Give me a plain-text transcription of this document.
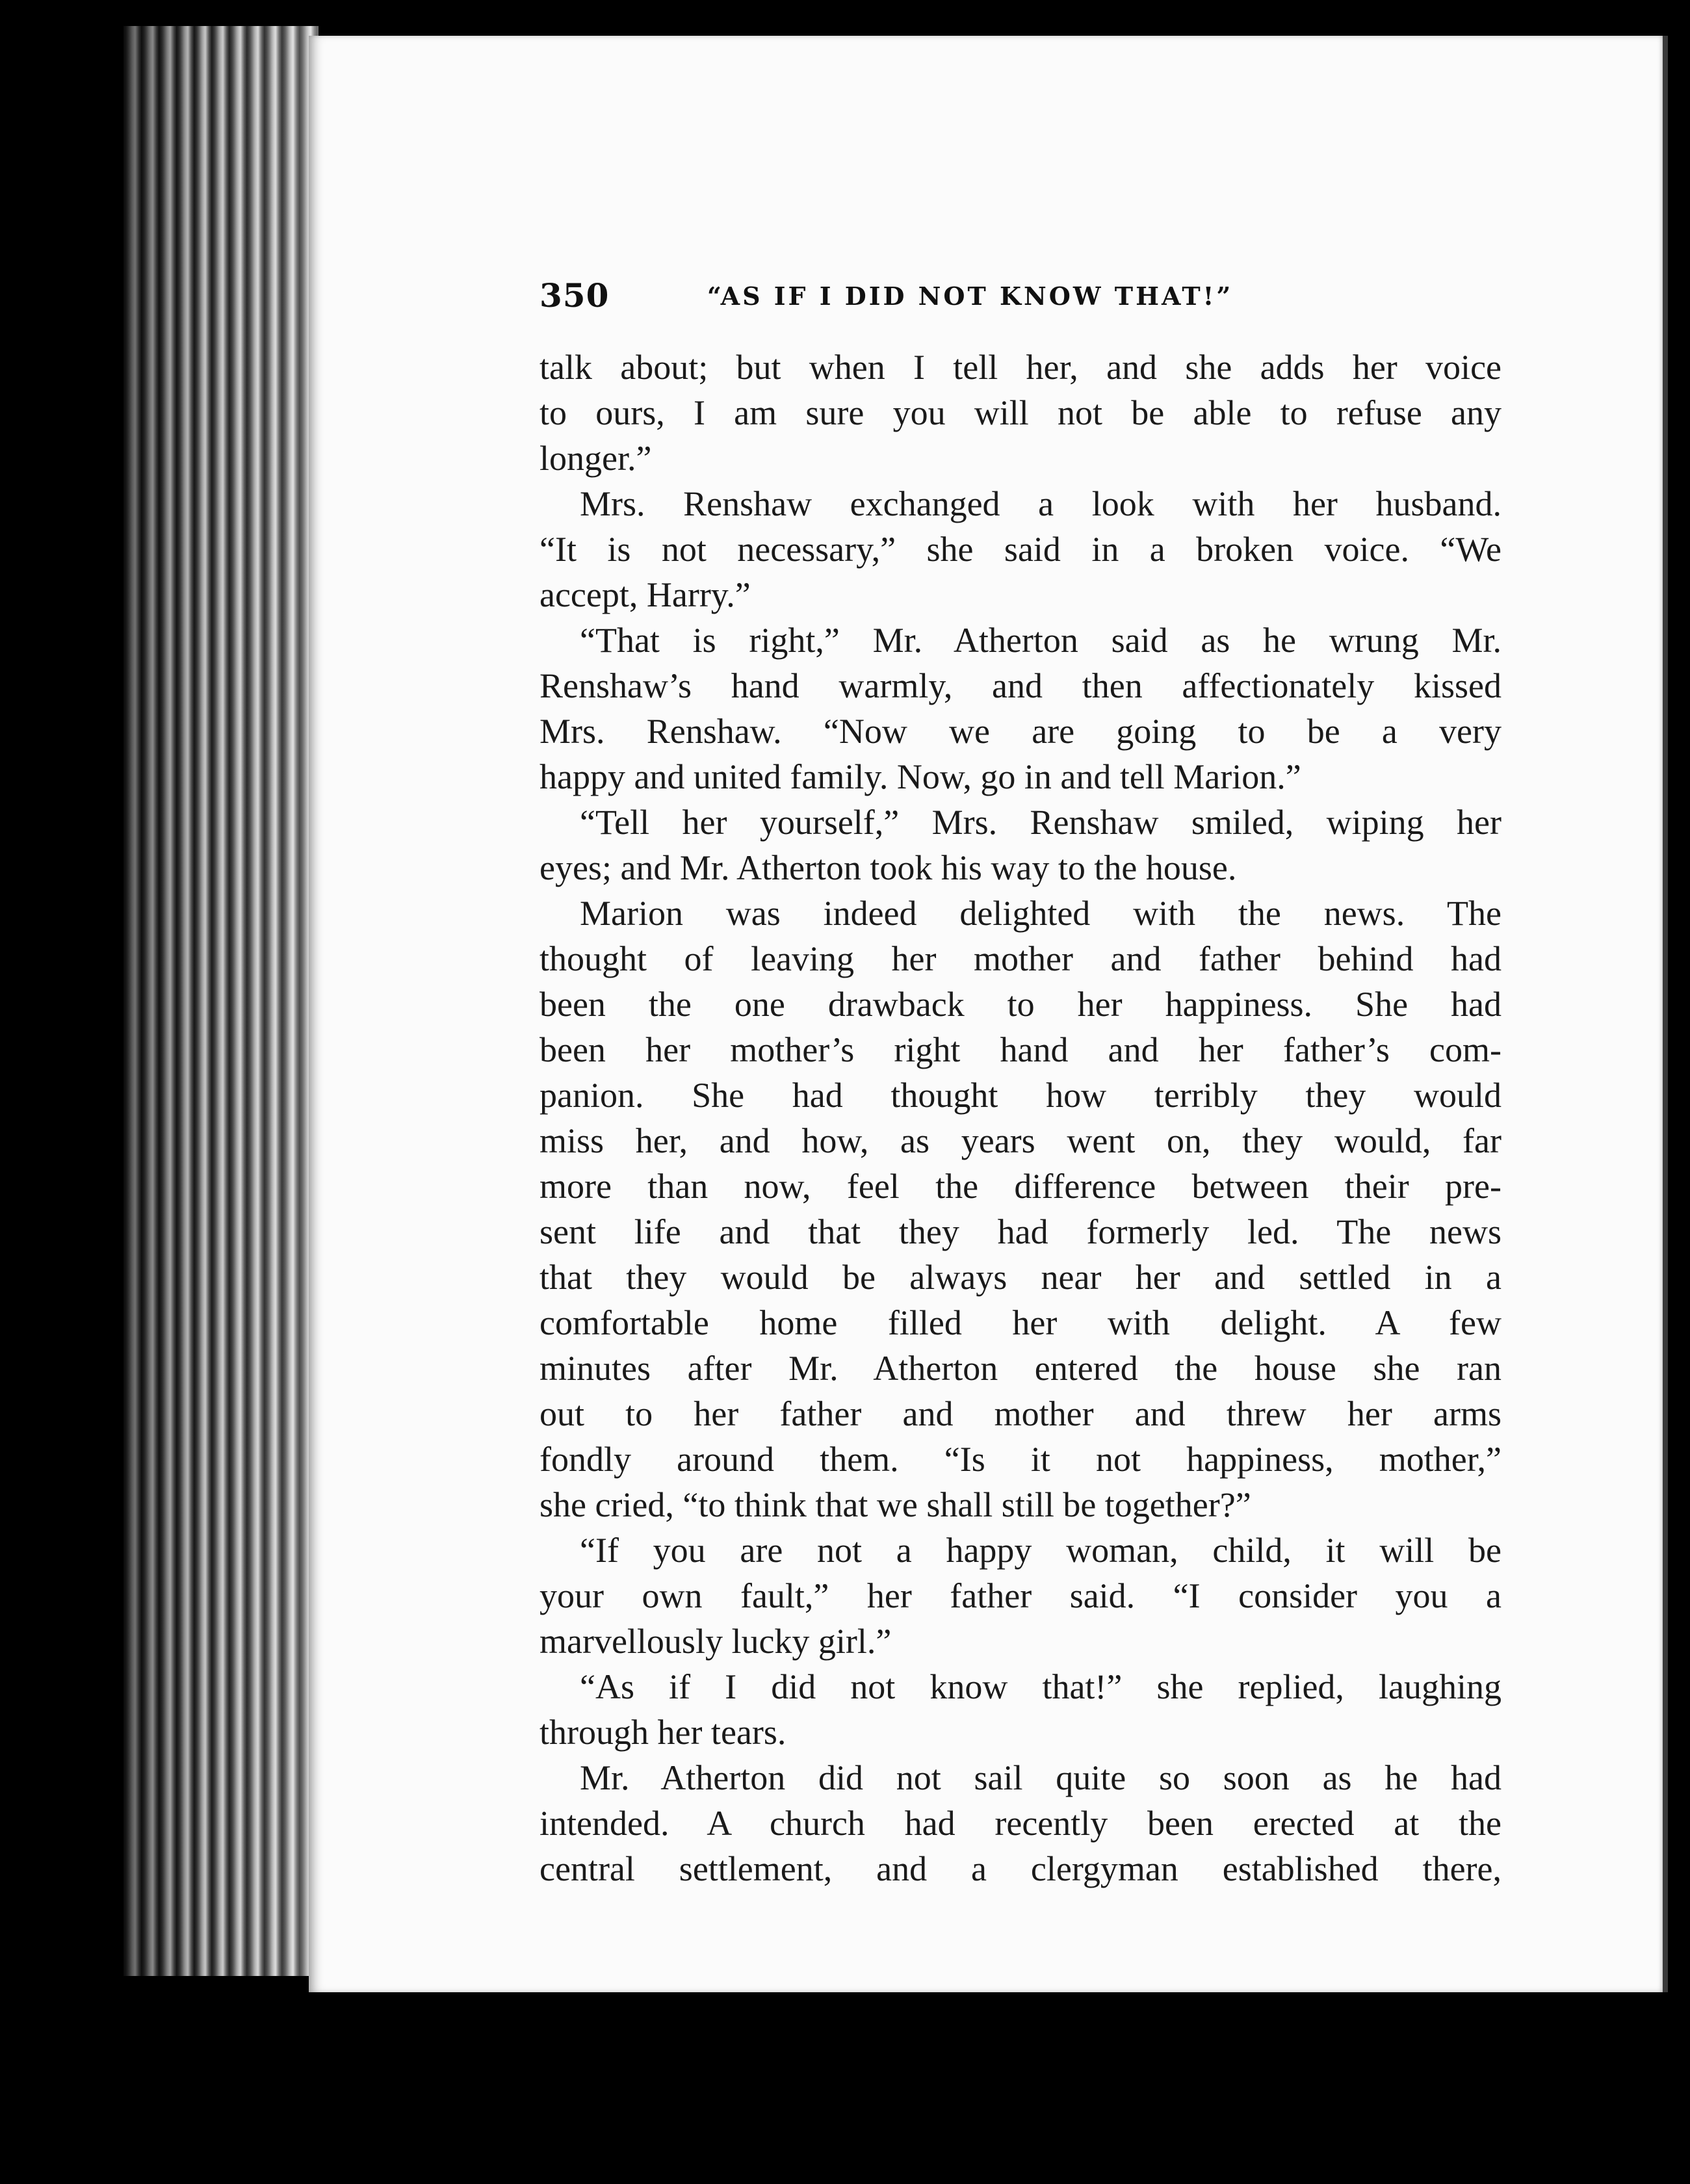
350	“AS IF I DID NOT KNOW THAT!”
talk about; but when I tell her, and she adds her voice
to ours, I am sure you will not be able to refuse any
longer.”
Mrs. Renshaw exchanged a look with her husband.
“It is not necessary,” she said in a broken voice. “We
accept, Harry.”
“That is right,” Mr. Atherton said as he wrung Mr.
Renshaw’s hand warmly, and then affectionately kissed
Mrs. Renshaw. “Now we are going to be a very
happy and united family. Now, go in and tell Marion.”
“Tell her yourself,” Mrs. Renshaw smiled, wiping her
eyes; and Mr. Atherton took his way to the house.
Marion was indeed delighted with the news. The
thought of leaving her mother and father behind had
been the one drawback to her happiness. She had
been her mother’s right hand and her father’s com-
panion. She had thought how terribly they would
miss her, and how, as years went on, they would, far
more than now, feel the difference between their pre-
sent life and that they had formerly led. The news
that they would be always near her and settled in a
comfortable home filled her with delight. A few
minutes after Mr. Atherton entered the house she ran
out to her father and mother and threw her arms
fondly around them. “Is it not happiness, mother,”
she cried, “to think that we shall still be together?”
“If you are not a happy woman, child, it will be
your own fault,” her father said. “I consider you a
marvellously lucky girl.”
“As if I did not know that!” she replied, laughing
through her tears.
Mr. Atherton did not sail quite so soon as he had
intended. A church had recently been erected at the
central settlement, and a clergyman established there,
